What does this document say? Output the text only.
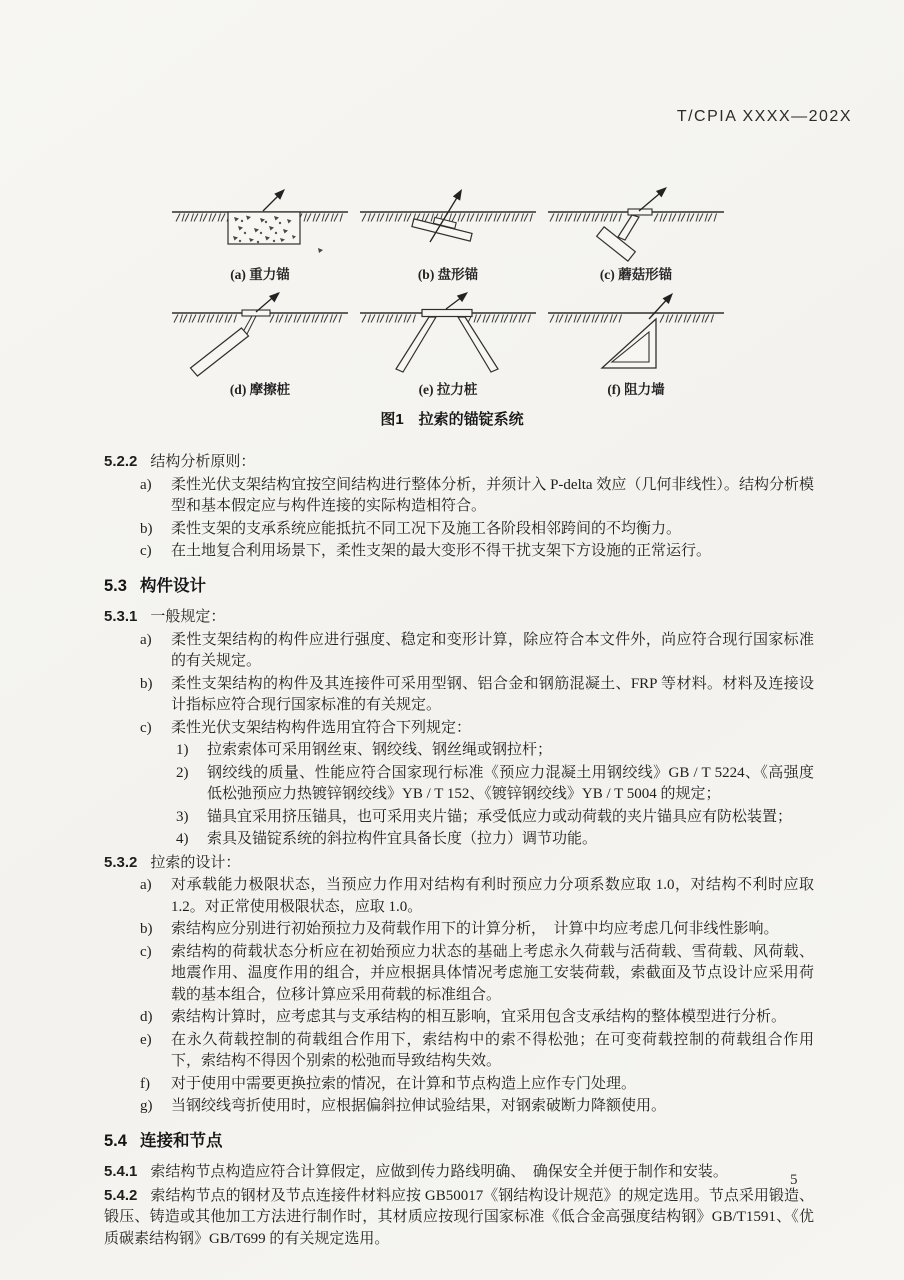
T/CPIA XXXX—202X
(a) 重力锚	(b) 盘形锚	(c) 蘑菇形锚
(d) 摩擦桩	(e) 拉力桩	(f) 阻力墙
图1　拉索的锚锭系统
5.2.2 结构分析原则：
a) 柔性光伏支架结构宜按空间结构进行整体分析，并须计入 P-delta 效应（几何非线性）。结构分析模型和基本假定应与构件连接的实际构造相符合。
b) 柔性支架的支承系统应能抵抗不同工况下及施工各阶段相邻跨间的不均衡力。
c) 在土地复合利用场景下，柔性支架的最大变形不得干扰支架下方设施的正常运行。
5.3 构件设计
5.3.1 一般规定：
a) 柔性支架结构的构件应进行强度、稳定和变形计算，除应符合本文件外，尚应符合现行国家标准的有关规定。
b) 柔性支架结构的构件及其连接件可采用型钢、铝合金和钢筋混凝土、FRP 等材料。材料及连接设计指标应符合现行国家标准的有关规定。
c) 柔性光伏支架结构构件选用宜符合下列规定：
1) 拉索索体可采用钢丝束、钢绞线、钢丝绳或钢拉杆；
2) 钢绞线的质量、性能应符合国家现行标准《预应力混凝土用钢绞线》GB / T 5224、《高强度低松弛预应力热镀锌钢绞线》YB / T 152、《镀锌钢绞线》YB / T 5004 的规定；
3) 锚具宜采用挤压锚具，也可采用夹片锚；承受低应力或动荷载的夹片锚具应有防松装置；
4) 索具及锚锭系统的斜拉构件宜具备长度（拉力）调节功能。
5.3.2 拉索的设计：
a) 对承载能力极限状态，当预应力作用对结构有利时预应力分项系数应取 1.0，对结构不利时应取 1.2。对正常使用极限状态，应取 1.0。
b) 索结构应分别进行初始预拉力及荷载作用下的计算分析，　计算中均应考虑几何非线性影响。
c) 索结构的荷载状态分析应在初始预应力状态的基础上考虑永久荷载与活荷载、雪荷载、风荷载、地震作用、温度作用的组合，并应根据具体情况考虑施工安装荷载，索截面及节点设计应采用荷载的基本组合，位移计算应采用荷载的标准组合。
d) 索结构计算时，应考虑其与支承结构的相互影响，宜采用包含支承结构的整体模型进行分析。
e) 在永久荷载控制的荷载组合作用下，索结构中的索不得松弛；在可变荷载控制的荷载组合作用下，索结构不得因个别索的松弛而导致结构失效。
f) 对于使用中需要更换拉索的情况，在计算和节点构造上应作专门处理。
g) 当钢绞线弯折使用时，应根据偏斜拉伸试验结果，对钢索破断力降额使用。
5.4 连接和节点
5.4.1 索结构节点构造应符合计算假定，应做到传力路线明确、　确保安全并便于制作和安装。
5.4.2 索结构节点的钢材及节点连接件材料应按 GB50017《钢结构设计规范》的规定选用。节点采用锻造、锻压、铸造或其他加工方法进行制作时，其材质应按现行国家标准《低合金高强度结构钢》GB/T1591、《优质碳素结构钢》GB/T699 的有关规定选用。
5
